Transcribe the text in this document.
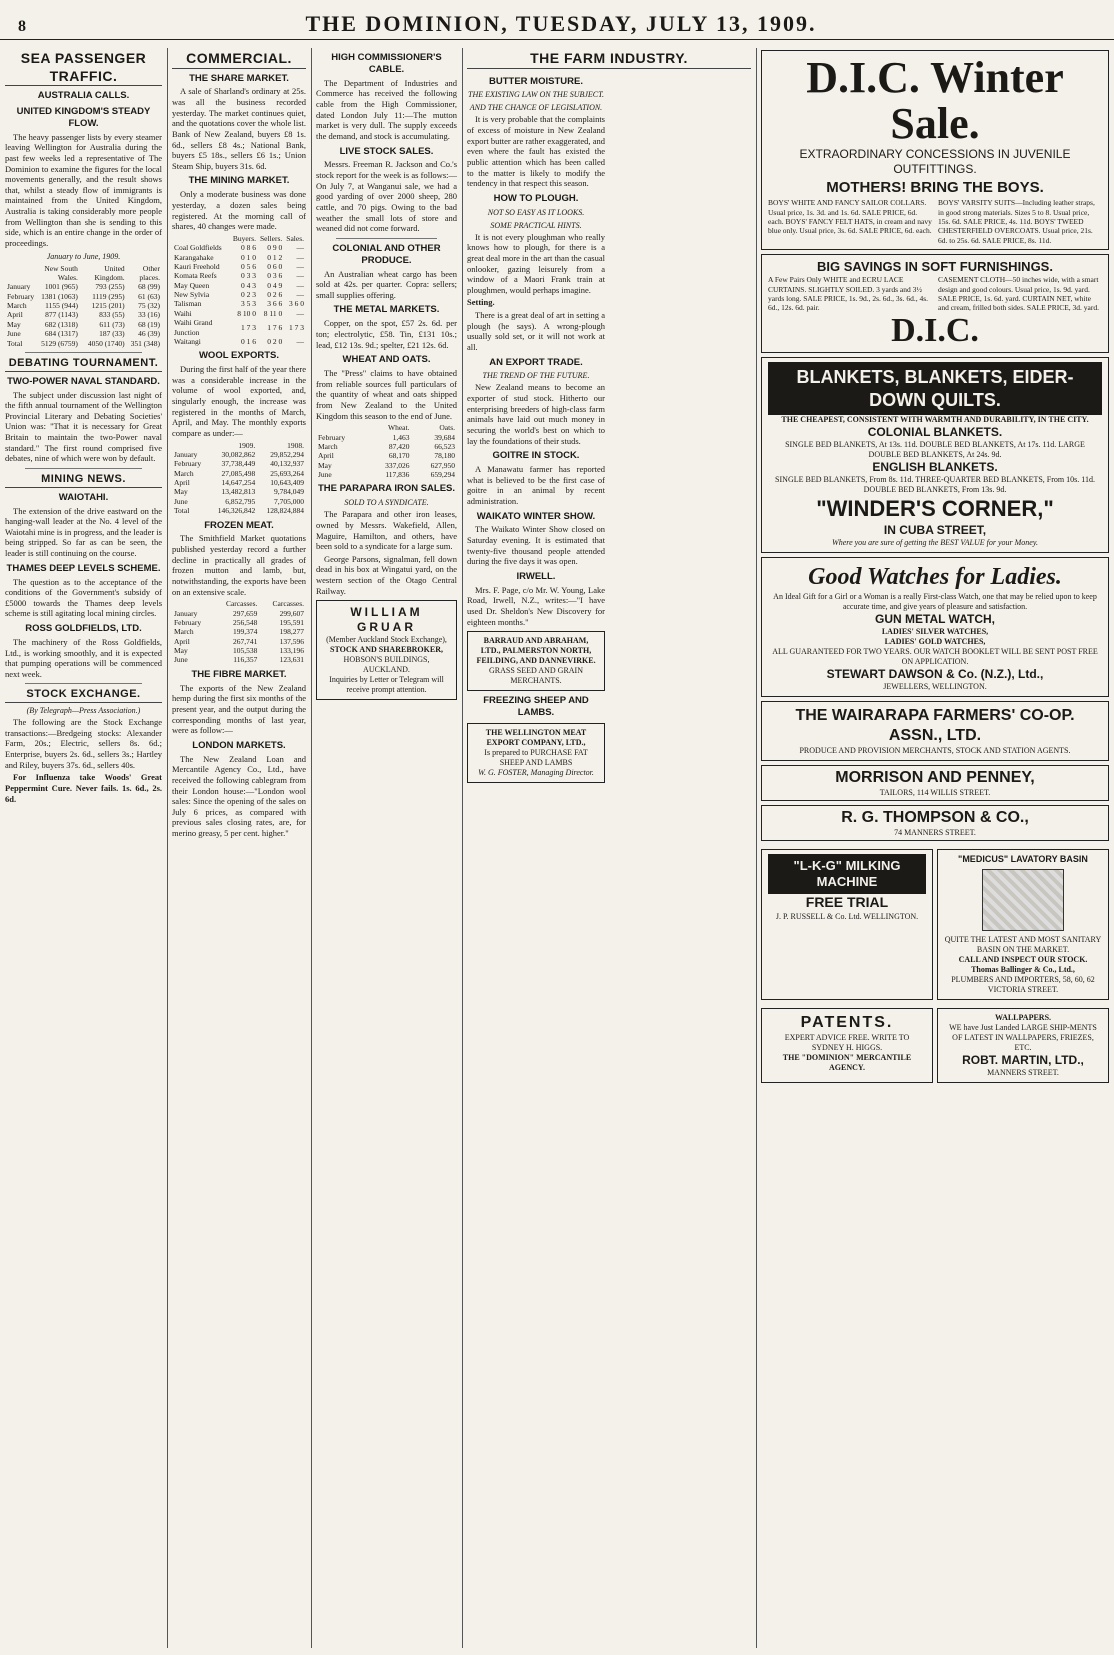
8	THE DOMINION, TUESDAY, JULY 13, 1909.
SEA PASSENGER TRAFFIC.
AUSTRALIA CALLS.
UNITED KINGDOM'S STEADY FLOW.

The heavy passenger lists by every steamer leaving Wellington for Australia during the past few weeks led a representative of The Dominion to examine the figures for the local movements generally, and the result shows that, whilst a steady flow of immigrants is maintained from the United Kingdom, Australia is taking considerably more people from Wellington than she is sending to this side, which is an entire change in the order of proceedings.

January to June, 1909.
	New South Wales.	United Kingdom.	Other places.
January	1001 (965)	793 (255)	68 (99)
February	1381 (1063)	1119 (295)	61 (63)
March	1155 (944)	1215 (201)	75 (32)
April	877 (1143)	833 (55)	33 (16)
May	682 (1318)	611 (73)	68 (19)
June	684 (1317)	187 (33)	46 (39)
Total	5129 (6759)	4050 (1740)	351 (348)
DEBATING TOURNAMENT.
TWO-POWER NAVAL STANDARD.

The subject under discussion last night of the fifth annual tournament of the Wellington Provincial Literary and Debating Societies' Union was: "That it is necessary for Great Britain to maintain the two-Power naval standard." The first round comprised five debates, nine of which were won by default.

MINING NEWS.
WAIOTAHI.

The extension of the drive eastward on the hanging-wall leader at the No. 4 level of the Waiotahi mine is in progress, and the leader is being stripped. So far as can be seen, the leader is still continuing on the course.

THAMES DEEP LEVELS SCHEME.

The question as to the acceptance of the conditions of the Government's subsidy of £5000 towards the Thames deep levels scheme is still agitating local mining circles.

ROSS GOLDFIELDS, LTD.

The machinery of the Ross Goldfields, Ltd., is working smoothly, and it is expected that pumping operations will be commenced next week.

STOCK EXCHANGE.
(By Telegraph—Press Association.)

The following are the Stock Exchange transactions:—Bredgeing stocks: Alexander Farm, 20s.; Electric, sellers 8s. 6d.; Enterprise, buyers 2s. 6d., sellers 3s.; Hartley and Riley, buyers 37s. 6d., sellers 40s.

For Influenza take Woods' Great Peppermint Cure. Never fails. 1s. 6d., 2s. 6d.

COMMERCIAL.
THE SHARE MARKET.

A sale of Sharland's ordinary at 25s. was all the business recorded yesterday. The market continues quiet, and the quotations cover the whole list. Bank of New Zealand, buyers £8 1s. 6d., sellers £8 4s.; National Bank, buyers £5 18s., sellers £6 1s.; Union Steam Ship, buyers 31s. 6d.

THE MINING MARKET.

Only a moderate business was done yesterday, a dozen sales being registered. At the morning call of shares, 40 changes were made.

	Buyers.	Sellers.	Sales.
Coal Goldfields	0 8 6	0 9 0	—
Karangahake	0 1 0	0 1 2	—
Kauri Freehold	0 5 6	0 6 0	—
Komata Reefs	0 3 3	0 3 6	—
May Queen	0 4 3	0 4 9	—
New Sylvia	0 2 3	0 2 6	—
Talisman	3 5 3	3 6 6	3 6 0
Waihi	8 10 0	8 11 0	—
Waihi Grand Junction	1 7 3	1 7 6	1 7 3
Waitangi	0 1 6	0 2 0	—
WOOL EXPORTS.

During the first half of the year there was a considerable increase in the volume of wool exported, and, singularly enough, the increase was registered in the months of March, April, and May. The monthly exports compare as under:—

	1909.	1908.
January	30,082,862	29,852,294
February	37,738,449	40,132,937
March	27,085,498	25,693,264
April	14,647,254	10,643,409
May	13,482,813	9,784,049
June	6,852,795	7,705,000
Total	146,326,842	128,824,884
FROZEN MEAT.

The Smithfield Market quotations published yesterday record a further decline in practically all grades of frozen mutton and lamb, but, notwithstanding, the exports have been on an extensive scale.

	Carcasses.	Carcasses.
January	297,659	299,607
February	256,548	195,591
March	199,374	198,277
April	267,741	137,596
May	105,538	133,196
June	116,357	123,631
THE FIBRE MARKET.

The exports of the New Zealand hemp during the first six months of the present year, and the output during the corresponding months of last year, were as follow:—

LONDON MARKETS.

The New Zealand Loan and Mercantile Agency Co., Ltd., have received the following cablegram from their London house:—"London wool sales: Since the opening of the sales on July 6 prices, as compared with previous sales closing rates, are, for merino greasy, 5 per cent. higher."

HIGH COMMISSIONER'S CABLE.

The Department of Industries and Commerce has received the following cable from the High Commissioner, dated London July 11:—The mutton market is very dull. The supply exceeds the demand, and stock is accumulating.

LIVE STOCK SALES.

Messrs. Freeman R. Jackson and Co.'s stock report for the week is as follows:—On July 7, at Wanganui sale, we had a good yarding of over 2000 sheep, 280 cattle, and 70 pigs. Owing to the bad weather the small lots of store and weaned did not come forward.

COLONIAL AND OTHER PRODUCE.

An Australian wheat cargo has been sold at 42s. per quarter. Copra: sellers; small supplies offering.

THE METAL MARKETS.

Copper, on the spot, £57 2s. 6d. per ton; electrolytic, £58. Tin, £131 10s.; lead, £12 13s. 9d.; spelter, £21 12s. 6d.

WHEAT AND OATS.

The "Press" claims to have obtained from reliable sources full particulars of the quantity of wheat and oats shipped from New Zealand to the United Kingdom this season to the end of June.

	Wheat.	Oats.
February	1,463	39,684
March	87,420	66,523
April	68,170	78,180
May	337,026	627,950
June	117,836	659,294
THE PARAPARA IRON SALES.
SOLD TO A SYNDICATE.

The Parapara and other iron leases, owned by Messrs. Wakefield, Allen, Maguire, Hamilton, and others, have been sold to a syndicate for a large sum.

George Parsons, signalman, fell down dead in his box at Wingatui yard, on the western section of the Otago Central Railway.

WILLIAM GRUAR
(Member Auckland Stock Exchange),
STOCK AND SHAREBROKER,
HOBSON'S BUILDINGS, AUCKLAND.
Inquiries by Letter or Telegram will receive prompt attention.
THE FARM INDUSTRY.
BUTTER MOISTURE.
THE EXISTING LAW ON THE SUBJECT.
AND THE CHANCE OF LEGISLATION.

It is very probable that the complaints of excess of moisture in New Zealand export butter are rather exaggerated, and even where the fault has existed the public attention which has been called to the matter is likely to modify the tendency in that respect this season.

HOW TO PLOUGH.
NOT SO EASY AS IT LOOKS.
SOME PRACTICAL HINTS.

It is not every ploughman who really knows how to plough, for there is a great deal more in the art than the casual onlooker, gazing leisurely from a window of a Maori Frank train at ploughmen, would perhaps imagine.

Setting.

There is a great deal of art in setting a plough (he says). A wrong-plough usually sold set, or it will not work at all.

AN EXPORT TRADE.
THE TREND OF THE FUTURE.

New Zealand means to become an exporter of stud stock. Hitherto our enterprising breeders of high-class farm animals have laid out much money in securing the world's best on which to lay the foundations of their studs.

GOITRE IN STOCK.

A Manawatu farmer has reported what is believed to be the first case of goitre in an animal by recent administration.

WAIKATO WINTER SHOW.

The Waikato Winter Show closed on Saturday evening. It is estimated that twenty-five thousand people attended during the five days it was open.

IRWELL.

Mrs. F. Page, c/o Mr. W. Young, Lake Road, Irwell, N.Z., writes:—"I have used Dr. Sheldon's New Discovery for eighteen months."

BARRAUD AND ABRAHAM, LTD., PALMERSTON NORTH, FEILDING, AND DANNEVIRKE.
GRASS SEED AND GRAIN MERCHANTS.
FREEZING SHEEP AND LAMBS.
THE WELLINGTON MEAT EXPORT COMPANY, LTD.,
Is prepared to PURCHASE FAT SHEEP AND LAMBS
W. G. FOSTER, Managing Director.
D.I.C. Winter Sale.
EXTRAORDINARY CONCESSIONS IN JUVENILE OUTFITTINGS.
MOTHERS! BRING THE BOYS.
BOYS' WHITE AND FANCY SAILOR COLLARS. Usual price, 1s. 3d. and 1s. 6d. SALE PRICE, 6d. each. BOYS' FANCY FELT HATS, in cream and navy blue only. Usual price, 3s. 6d. SALE PRICE, 6d. each.
BOYS' VARSITY SUITS—Including leather straps, in good strong materials. Sizes 5 to 8. Usual price, 15s. 6d. SALE PRICE, 4s. 11d. BOYS' TWEED CHESTERFIELD OVERCOATS. Usual price, 21s. 6d. to 25s. 6d. SALE PRICE, 8s. 11d.
BIG SAVINGS IN SOFT FURNISHINGS.
A Few Pairs Only WHITE and ECRU LACE CURTAINS. SLIGHTLY SOILED. 3 yards and 3½ yards long. SALE PRICE, 1s. 9d., 2s. 6d., 3s. 6d., 4s. 6d., 12s. 6d. pair.
CASEMENT CLOTH—50 inches wide, with a smart design and good colours. Usual price, 1s. 9d. yard. SALE PRICE, 1s. 6d. yard. CURTAIN NET, white and cream, frilled both sides. SALE PRICE, 3d. yard.
D.I.C.
BLANKETS, BLANKETS, EIDER-DOWN QUILTS.
THE CHEAPEST, CONSISTENT WITH WARMTH AND DURABILITY, IN THE CITY.
COLONIAL BLANKETS.
SINGLE BED BLANKETS, At 13s. 11d. DOUBLE BED BLANKETS, At 17s. 11d. LARGE DOUBLE BED BLANKETS, At 24s. 9d.
ENGLISH BLANKETS.
SINGLE BED BLANKETS, From 8s. 11d. THREE-QUARTER BED BLANKETS, From 10s. 11d. DOUBLE BED BLANKETS, From 13s. 9d.
"WINDER'S CORNER,"
IN CUBA STREET,
Where you are sure of getting the BEST VALUE for your Money.
Good Watches for Ladies.
An Ideal Gift for a Girl or a Woman is a really First-class Watch, one that may be relied upon to keep accurate time, and give years of pleasure and satisfaction.
GUN METAL WATCH,
LADIES' SILVER WATCHES,
LADIES' GOLD WATCHES,
ALL GUARANTEED FOR TWO YEARS. OUR WATCH BOOKLET WILL BE SENT POST FREE ON APPLICATION.
STEWART DAWSON & Co. (N.Z.), Ltd.,
JEWELLERS, WELLINGTON.
THE WAIRARAPA FARMERS' CO-OP. ASSN., LTD.
PRODUCE AND PROVISION MERCHANTS, STOCK AND STATION AGENTS.
MORRISON AND PENNEY,
TAILORS, 114 WILLIS STREET.
R. G. THOMPSON & CO.,
74 MANNERS STREET.
"L-K-G" MILKING MACHINE
FREE TRIAL
J. P. RUSSELL & Co. Ltd. WELLINGTON.
"MEDICUS" LAVATORY BASIN
QUITE THE LATEST AND MOST SANITARY BASIN ON THE MARKET.
CALL AND INSPECT OUR STOCK.
Thomas Ballinger & Co., Ltd.,
PLUMBERS AND IMPORTERS, 58, 60, 62 VICTORIA STREET.
PATENTS.
EXPERT ADVICE FREE. WRITE TO SYDNEY H. HIGGS.
THE "DOMINION" MERCANTILE AGENCY.
WALLPAPERS.
WE have Just Landed LARGE SHIP-MENTS OF LATEST IN WALLPAPERS, FRIEZES, ETC.
ROBT. MARTIN, LTD.,
MANNERS STREET.
